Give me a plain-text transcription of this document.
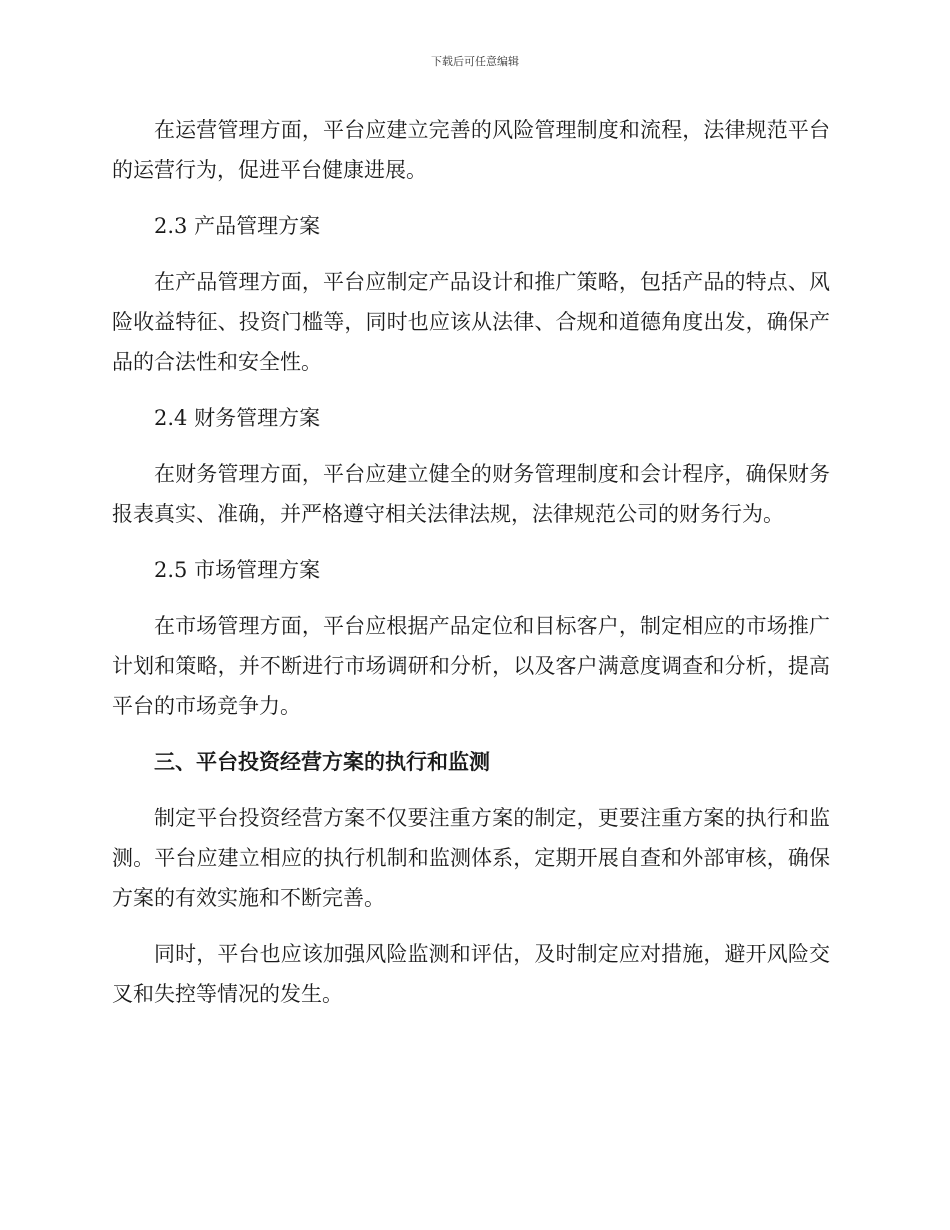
下载后可任意编辑

在运营管理方面，平台应建立完善的风险管理制度和流程，法律规范平台的运营行为，促进平台健康进展。

2.3 产品管理方案

在产品管理方面，平台应制定产品设计和推广策略，包括产品的特点、风险收益特征、投资门槛等，同时也应该从法律、合规和道德角度出发，确保产品的合法性和安全性。

2.4 财务管理方案

在财务管理方面，平台应建立健全的财务管理制度和会计程序，确保财务报表真实、准确，并严格遵守相关法律法规，法律规范公司的财务行为。

2.5 市场管理方案

在市场管理方面，平台应根据产品定位和目标客户，制定相应的市场推广计划和策略，并不断进行市场调研和分析，以及客户满意度调查和分析，提高平台的市场竞争力。

三、平台投资经营方案的执行和监测

制定平台投资经营方案不仅要注重方案的制定，更要注重方案的执行和监测。平台应建立相应的执行机制和监测体系，定期开展自查和外部审核，确保方案的有效实施和不断完善。

同时，平台也应该加强风险监测和评估，及时制定应对措施，避开风险交叉和失控等情况的发生。
